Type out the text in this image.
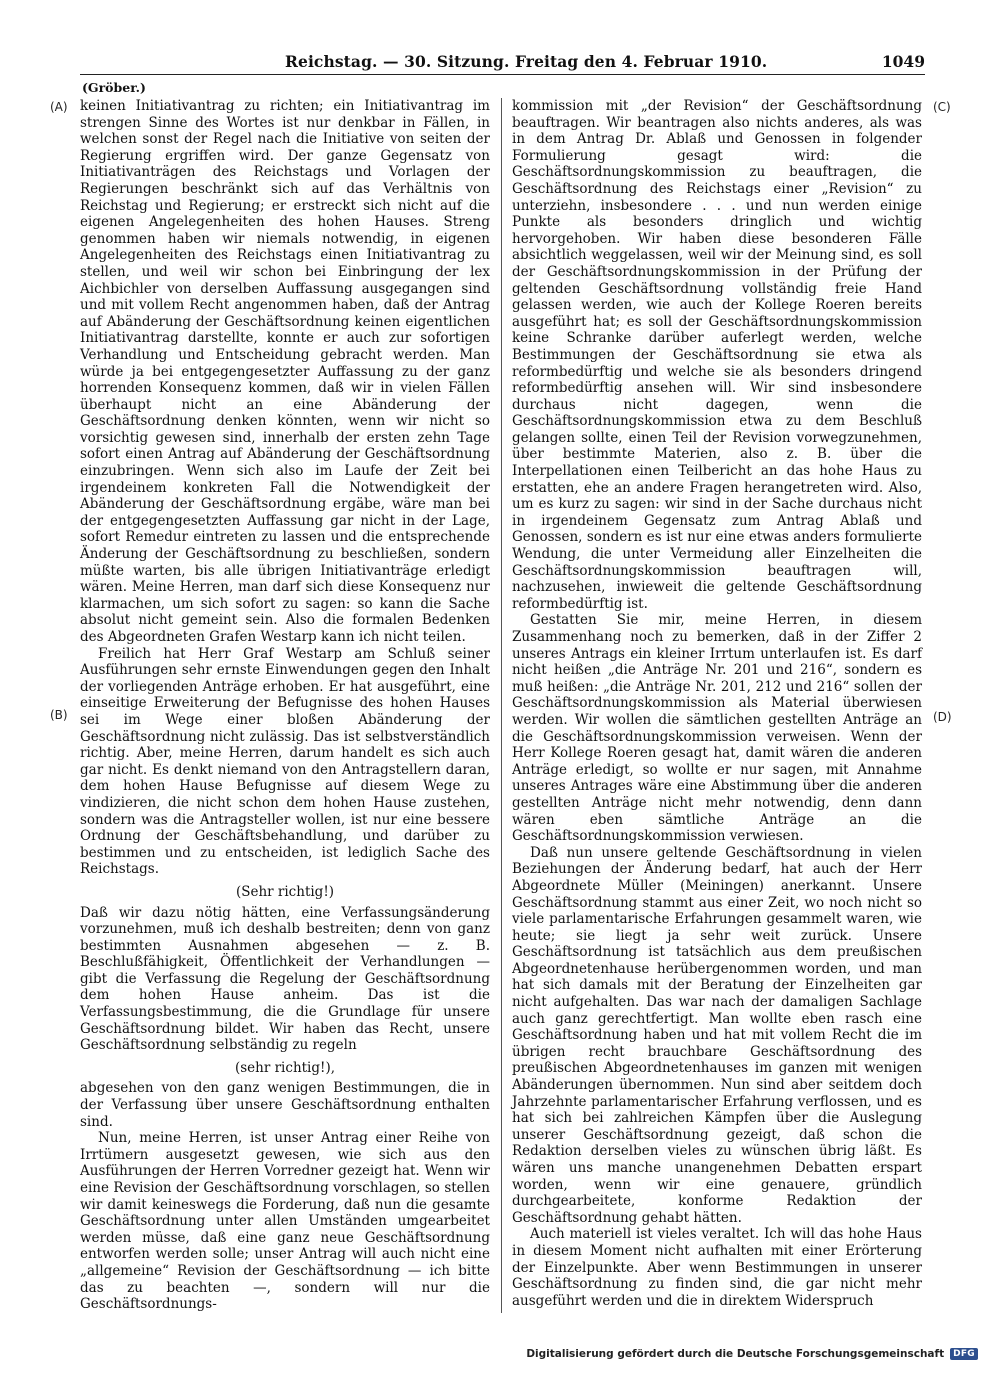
Reichstag. — 30. Sitzung. Freitag den 4. Februar 1910.	1049
(Gröber.)
(A)
(B)
(C)
(D)

keinen Initiativantrag zu richten; ein Initiativantrag im strengen Sinne des Wortes ist nur denkbar in Fällen, in welchen sonst der Regel nach die Initiative von seiten der Regierung ergriffen wird. Der ganze Gegensatz von Initiativanträgen des Reichstags und Vorlagen der Regierungen beschränkt sich auf das Verhältnis von Reichstag und Regierung; er erstreckt sich nicht auf die eigenen Angelegenheiten des hohen Hauses. Streng genommen haben wir niemals notwendig, in eigenen Angelegenheiten des Reichstags einen Initiativantrag zu stellen, und weil wir schon bei Einbringung der lex Aichbichler von derselben Auffassung ausgegangen sind und mit vollem Recht angenommen haben, daß der Antrag auf Abänderung der Geschäftsordnung keinen eigentlichen Initiativantrag darstellte, konnte er auch zur sofortigen Verhandlung und Entscheidung gebracht werden. Man würde ja bei entgegengesetzter Auffassung zu der ganz horrenden Konsequenz kommen, daß wir in vielen Fällen überhaupt nicht an eine Abänderung der Geschäftsordnung denken könnten, wenn wir nicht so vorsichtig gewesen sind, innerhalb der ersten zehn Tage sofort einen Antrag auf Abänderung der Geschäftsordnung einzubringen. Wenn sich also im Laufe der Zeit bei irgendeinem konkreten Fall die Notwendigkeit der Abänderung der Geschäftsordnung ergäbe, wäre man bei der entgegengesetzten Auffassung gar nicht in der Lage, sofort Remedur eintreten zu lassen und die entsprechende Änderung der Geschäftsordnung zu beschließen, sondern müßte warten, bis alle übrigen Initiativanträge erledigt wären. Meine Herren, man darf sich diese Konsequenz nur klarmachen, um sich sofort zu sagen: so kann die Sache absolut nicht gemeint sein. Also die formalen Bedenken des Abgeordneten Grafen Westarp kann ich nicht teilen.

Freilich hat Herr Graf Westarp am Schluß seiner Ausführungen sehr ernste Einwendungen gegen den Inhalt der vorliegenden Anträge erhoben. Er hat ausgeführt, eine einseitige Erweiterung der Befugnisse des hohen Hauses sei im Wege einer bloßen Abänderung der Geschäftsordnung nicht zulässig. Das ist selbstverständlich richtig. Aber, meine Herren, darum handelt es sich auch gar nicht. Es denkt niemand von den Antragstellern daran, dem hohen Hause Befugnisse auf diesem Wege zu vindizieren, die nicht schon dem hohen Hause zustehen, sondern was die Antragsteller wollen, ist nur eine bessere Ordnung der Geschäftsbehandlung, und darüber zu bestimmen und zu entscheiden, ist lediglich Sache des Reichstags.

(Sehr richtig!)

Daß wir dazu nötig hätten, eine Verfassungsänderung vorzunehmen, muß ich deshalb bestreiten; denn von ganz bestimmten Ausnahmen abgesehen — z. B. Beschlußfähigkeit, Öffentlichkeit der Verhandlungen — gibt die Verfassung die Regelung der Geschäftsordnung dem hohen Hause anheim. Das ist die Verfassungsbestimmung, die die Grundlage für unsere Geschäftsordnung bildet. Wir haben das Recht, unsere Geschäftsordnung selbständig zu regeln

(sehr richtig!),

abgesehen von den ganz wenigen Bestimmungen, die in der Verfassung über unsere Geschäftsordnung enthalten sind.

Nun, meine Herren, ist unser Antrag einer Reihe von Irrtümern ausgesetzt gewesen, wie sich aus den Ausführungen der Herren Vorredner gezeigt hat. Wenn wir eine Revision der Geschäftsordnung vorschlagen, so stellen wir damit keineswegs die Forderung, daß nun die gesamte Geschäftsordnung unter allen Umständen umgearbeitet werden müsse, daß eine ganz neue Geschäftsordnung entworfen werden solle; unser Antrag will auch nicht eine „allgemeine“ Revision der Geschäftsordnung — ich bitte das zu beachten —, sondern will nur die Geschäftsordnungs-

kommission mit „der Revision“ der Geschäftsordnung beauftragen. Wir beantragen also nichts anderes, als was in dem Antrag Dr. Ablaß und Genossen in folgender Formulierung gesagt wird: die Geschäftsordnungskommission zu beauftragen, die Geschäftsordnung des Reichstags einer „Revision“ zu unterziehn, insbesondere . . . und nun werden einige Punkte als besonders dringlich und wichtig hervorgehoben. Wir haben diese besonderen Fälle absichtlich weggelassen, weil wir der Meinung sind, es soll der Geschäftsordnungskommission in der Prüfung der geltenden Geschäftsordnung vollständig freie Hand gelassen werden, wie auch der Kollege Roeren bereits ausgeführt hat; es soll der Geschäftsordnungskommission keine Schranke darüber auferlegt werden, welche Bestimmungen der Geschäftsordnung sie etwa als reformbedürftig und welche sie als besonders dringend reformbedürftig ansehen will. Wir sind insbesondere durchaus nicht dagegen, wenn die Geschäftsordnungskommission etwa zu dem Beschluß gelangen sollte, einen Teil der Revision vorwegzunehmen, über bestimmte Materien, also z. B. über die Interpellationen einen Teilbericht an das hohe Haus zu erstatten, ehe an andere Fragen herangetreten wird. Also, um es kurz zu sagen: wir sind in der Sache durchaus nicht in irgendeinem Gegensatz zum Antrag Ablaß und Genossen, sondern es ist nur eine etwas anders formulierte Wendung, die unter Vermeidung aller Einzelheiten die Geschäftsordnungskommission beauftragen will, nachzusehen, inwieweit die geltende Geschäftsordnung reformbedürftig ist.

Gestatten Sie mir, meine Herren, in diesem Zusammenhang noch zu bemerken, daß in der Ziffer 2 unseres Antrags ein kleiner Irrtum unterlaufen ist. Es darf nicht heißen „die Anträge Nr. 201 und 216“, sondern es muß heißen: „die Anträge Nr. 201, 212 und 216“ sollen der Geschäftsordnungskommission als Material überwiesen werden. Wir wollen die sämtlichen gestellten Anträge an die Geschäftsordnungskommission verweisen. Wenn der Herr Kollege Roeren gesagt hat, damit wären die anderen Anträge erledigt, so wollte er nur sagen, mit Annahme unseres Antrages wäre eine Abstimmung über die anderen gestellten Anträge nicht mehr notwendig, denn dann wären eben sämtliche Anträge an die Geschäftsordnungskommission verwiesen.

Daß nun unsere geltende Geschäftsordnung in vielen Beziehungen der Änderung bedarf, hat auch der Herr Abgeordnete Müller (Meiningen) anerkannt. Unsere Geschäftsordnung stammt aus einer Zeit, wo noch nicht so viele parlamentarische Erfahrungen gesammelt waren, wie heute; sie liegt ja sehr weit zurück. Unsere Geschäftsordnung ist tatsächlich aus dem preußischen Abgeordnetenhause herübergenommen worden, und man hat sich damals mit der Beratung der Einzelheiten gar nicht aufgehalten. Das war nach der damaligen Sachlage auch ganz gerechtfertigt. Man wollte eben rasch eine Geschäftsordnung haben und hat mit vollem Recht die im übrigen recht brauchbare Geschäftsordnung des preußischen Abgeordnetenhauses im ganzen mit wenigen Abänderungen übernommen. Nun sind aber seitdem doch Jahrzehnte parlamentarischer Erfahrung verflossen, und es hat sich bei zahlreichen Kämpfen über die Auslegung unserer Geschäftsordnung gezeigt, daß schon die Redaktion derselben vieles zu wünschen übrig läßt. Es wären uns manche unangenehmen Debatten erspart worden, wenn wir eine genauere, gründlich durchgearbeitete, konforme Redaktion der Geschäftsordnung gehabt hätten.

Auch materiell ist vieles veraltet. Ich will das hohe Haus in diesem Moment nicht aufhalten mit einer Erörterung der Einzelpunkte. Aber wenn Bestimmungen in unserer Geschäftsordnung zu finden sind, die gar nicht mehr ausgeführt werden und die in direktem Widerspruch

Digitalisierung gefördert durch die Deutsche Forschungsgemeinschaft	DFG
